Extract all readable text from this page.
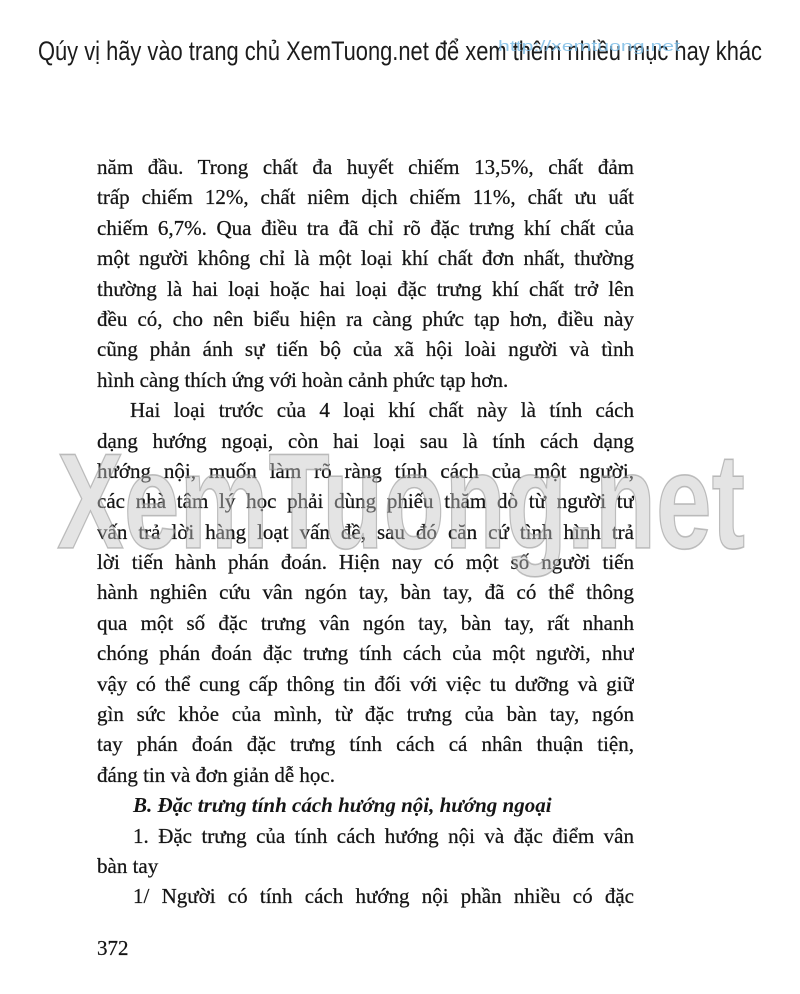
Qúy vị hãy vào trang chủ XemTuong.net để xem thêm nhiều mục hay khác
http://xemtuong.net
năm đầu. Trong chất đa huyết chiếm 13,5%, chất đảm
trấp chiếm 12%, chất niêm dịch chiếm 11%, chất ưu uất
chiếm 6,7%. Qua điều tra đã chỉ rõ đặc trưng khí chất của
một người không chỉ là một loại khí chất đơn nhất, thường
thường là hai loại hoặc hai loại đặc trưng khí chất trở lên
đều có, cho nên biểu hiện ra càng phức tạp hơn, điều này
cũng phản ánh sự tiến bộ của xã hội loài người và tình
hình càng thích ứng với hoàn cảnh phức tạp hơn.
Hai loại trước của 4 loại khí chất này là tính cách
dạng hướng ngoại, còn hai loại sau là tính cách dạng
hướng nội, muốn làm rõ ràng tính cách của một người,
các nhà tâm lý học phải dùng phiếu thăm dò từ người tư
vấn trả lời hàng loạt vấn đề, sau đó căn cứ tình hình trả
lời tiến hành phán đoán. Hiện nay có một số người tiến
hành nghiên cứu vân ngón tay, bàn tay, đã có thể thông
qua một số đặc trưng vân ngón tay, bàn tay, rất nhanh
chóng phán đoán đặc trưng tính cách của một người, như
vậy có thể cung cấp thông tin đối với việc tu dưỡng và giữ
gìn sức khỏe của mình, từ đặc trưng của bàn tay, ngón
tay phán đoán đặc trưng tính cách cá nhân thuận tiện,
đáng tin và đơn giản dễ học.
B. Đặc trưng tính cách hướng nội, hướng ngoại
1. Đặc trưng của tính cách hướng nội và đặc điểm vân
bàn tay
1/ Người có tính cách hướng nội phần nhiều có đặc
372
XemTuong.net
